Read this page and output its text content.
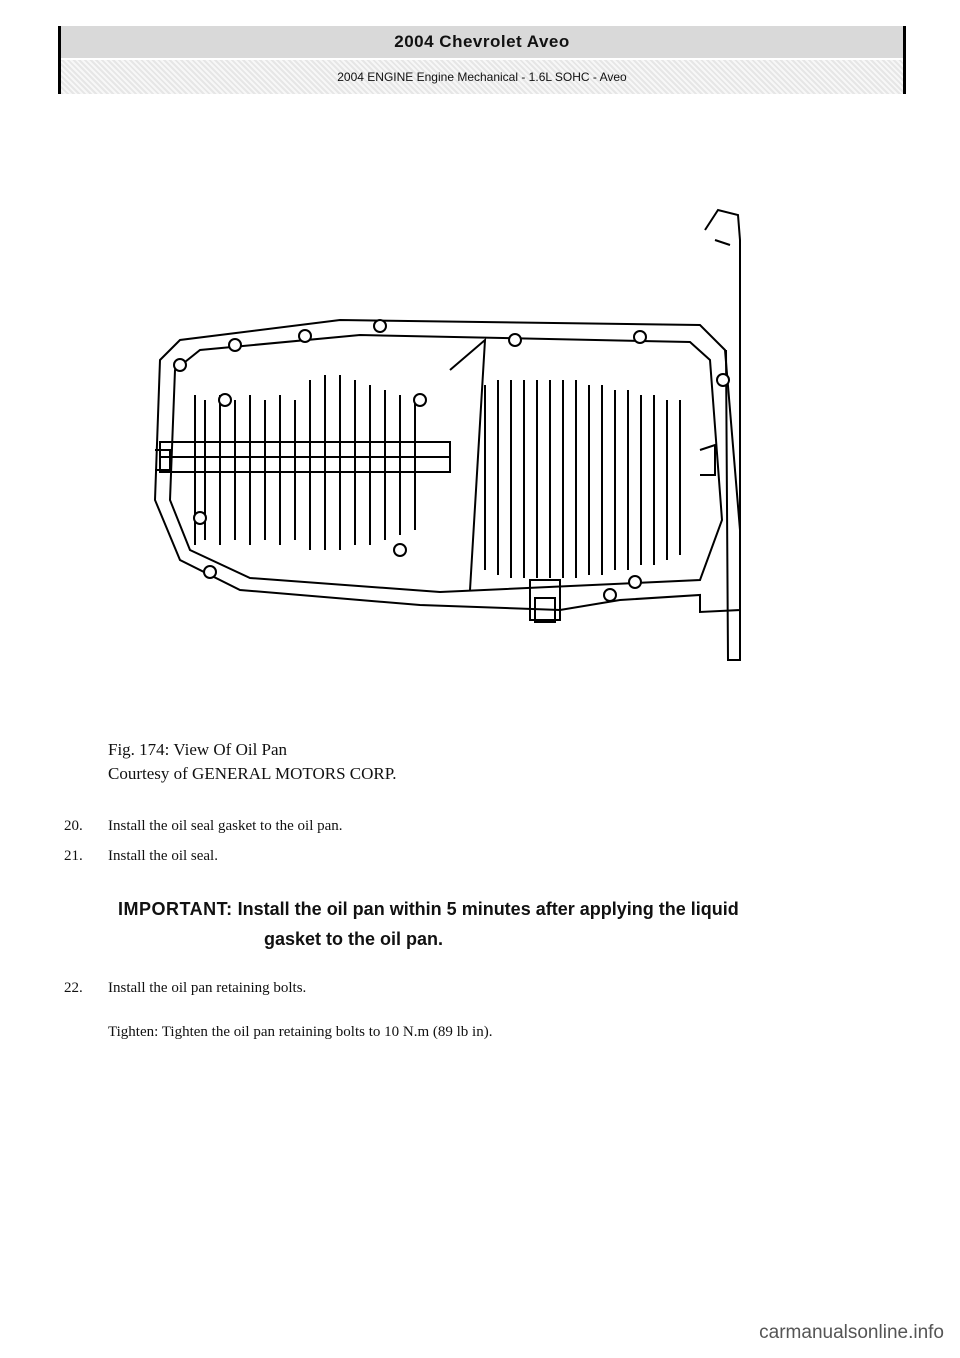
2004 Chevrolet Aveo
2004 ENGINE Engine Mechanical - 1.6L SOHC - Aveo
Fig. 174: View Of Oil Pan
Courtesy of GENERAL MOTORS CORP.
20. Install the oil seal gasket to the oil pan.
21. Install the oil seal.
IMPORTANT: Install the oil pan within 5 minutes after applying the liquid
gasket to the oil pan.
22. Install the oil pan retaining bolts.
Tighten: Tighten the oil pan retaining bolts to 10 N.m (89 lb in).
carmanualsonline.info
